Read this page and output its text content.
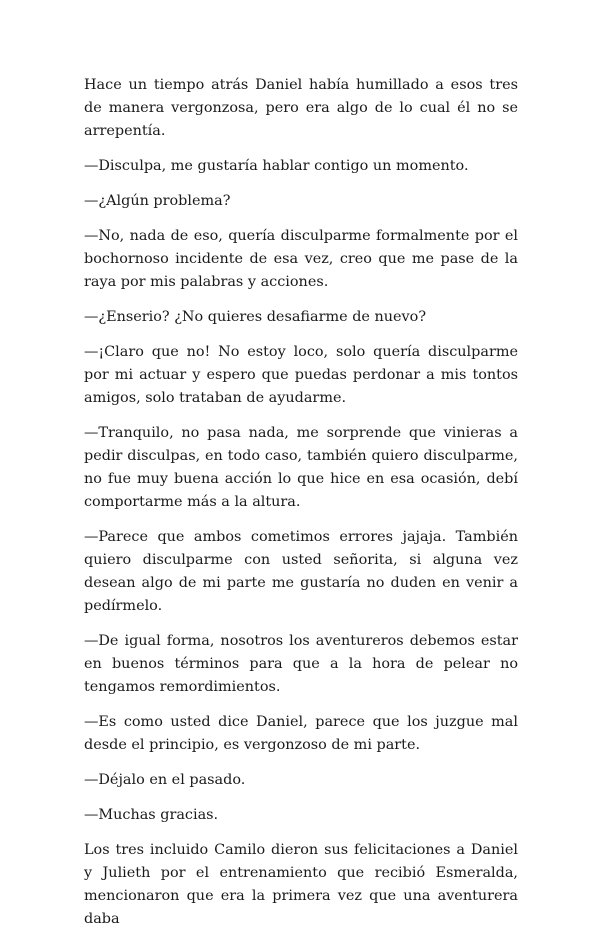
Hace un tiempo atrás Daniel había humillado a esos tres de manera vergonzosa, pero era algo de lo cual él no se arrepentía.

—Disculpa, me gustaría hablar contigo un momento.

—¿Algún problema?

—No, nada de eso, quería disculparme formalmente por el bochornoso incidente de esa vez, creo que me pase de la raya por mis palabras y acciones.

—¿Enserio? ¿No quieres desafiarme de nuevo?

—¡Claro que no! No estoy loco, solo quería disculparme por mi actuar y espero que puedas perdonar a mis tontos amigos, solo trataban de ayudarme.

—Tranquilo, no pasa nada, me sorprende que vinieras a pedir disculpas, en todo caso, también quiero disculparme, no fue muy buena acción lo que hice en esa ocasión, debí comportarme más a la altura.

—Parece que ambos cometimos errores jajaja. También quiero disculparme con usted señorita, si alguna vez desean algo de mi parte me gustaría no duden en venir a pedírmelo.

—De igual forma, nosotros los aventureros debemos estar en buenos términos para que a la hora de pelear no tengamos remordimientos.

—Es como usted dice Daniel, parece que los juzgue mal desde el principio, es vergonzoso de mi parte.

—Déjalo en el pasado.

—Muchas gracias.

Los tres incluido Camilo dieron sus felicitaciones a Daniel y Julieth por el entrenamiento que recibió Esmeralda, mencionaron que era la primera vez que una aventurera daba
